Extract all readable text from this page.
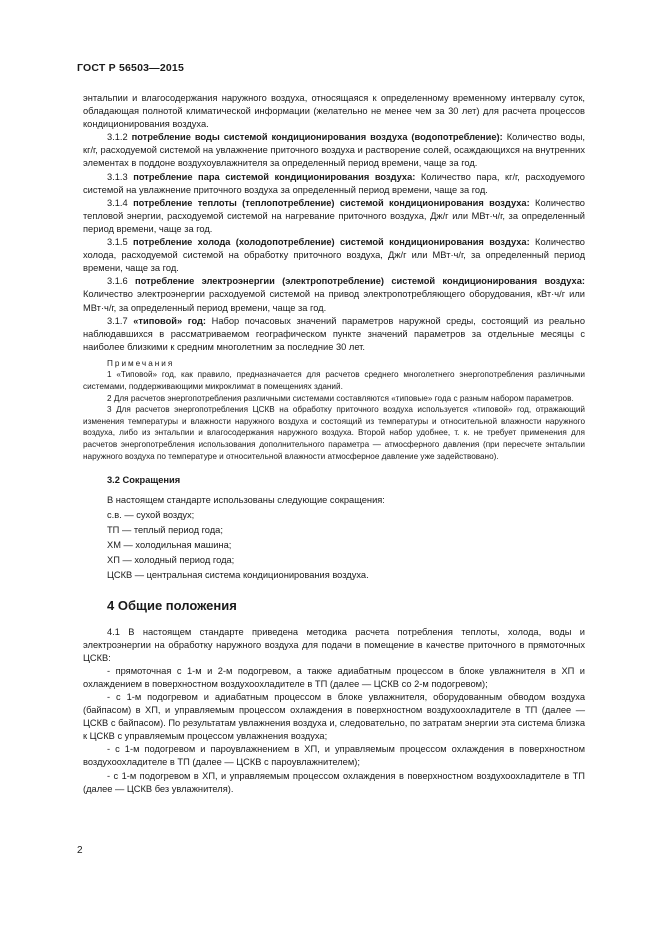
ГОСТ Р 56503—2015

энтальпии и влагосодержания наружного воздуха, относящаяся к определенному временному интервалу суток, обладающая полнотой климатической информации (желательно не менее чем за 30 лет) для расчета процессов кондиционирования воздуха.

3.1.2 потребление воды системой кондиционирования воздуха (водопотребление): Количество воды, кг/г, расходуемой системой на увлажнение приточного воздуха и растворение солей, осаждающихся на внутренних элементах в поддоне воздухоувлажнителя за определенный период времени, чаще за год.

3.1.3 потребление пара системой кондиционирования воздуха: Количество пара, кг/г, расходуемого системой на увлажнение приточного воздуха за определенный период времени, чаще за год.

3.1.4 потребление теплоты (теплопотребление) системой кондиционирования воздуха: Количество тепловой энергии, расходуемой системой на нагревание приточного воздуха, Дж/г или МВт·ч/г, за определенный период времени, чаще за год.

3.1.5 потребление холода (холодопотребление) системой кондиционирования воздуха: Количество холода, расходуемой системой на обработку приточного воздуха, Дж/г или МВт·ч/г, за определенный период времени, чаще за год.

3.1.6 потребление электроэнергии (электропотребление) системой кондиционирования воздуха: Количество электроэнергии расходуемой системой на привод электропотребляющего оборудования, кВт·ч/г или МВт·ч/г, за определенный период времени, чаще за год.

3.1.7 «типовой» год: Набор почасовых значений параметров наружной среды, состоящий из реально наблюдавшихся в рассматриваемом географическом пункте значений параметров за отдельные месяцы с наиболее близкими к средним многолетним за последние 30 лет.

Примечания

1 «Типовой» год, как правило, предназначается для расчетов среднего многолетнего энергопотребления различными системами, поддерживающими микроклимат в помещениях зданий.

2 Для расчетов энергопотребления различными системами составляются «типовые» года с разным набором параметров.

3 Для расчетов энергопотребления ЦСКВ на обработку приточного воздуха используется «типовой» год, отражающий изменения температуры и влажности наружного воздуха и состоящий из температуры и относительной влажности наружного воздуха, либо из энтальпии и влагосодержания наружного воздуха. Второй набор удобнее, т. к. не требует применения для расчетов энергопотребления использования дополнительного параметра — атмосферного давления (при пересчете энтальпии наружного воздуха по температуре и относительной влажности атмосферное давление уже задействовано).

3.2 Сокращения

В настоящем стандарте использованы следующие сокращения:

с.в. — сухой воздух;

ТП — теплый период года;

ХМ — холодильная машина;

ХП — холодный период года;

ЦСКВ — центральная система кондиционирования воздуха.

4 Общие положения

4.1 В настоящем стандарте приведена методика расчета потребления теплоты, холода, воды и электроэнергии на обработку наружного воздуха для подачи в помещение в качестве приточного в прямоточных ЦСКВ:

- прямоточная с 1-м и 2-м подогревом, а также адиабатным процессом в блоке увлажнителя в ХП и охлаждением в поверхностном воздухоохладителе в ТП (далее — ЦСКВ со 2-м подогревом);

- с 1-м подогревом и адиабатным процессом в блоке увлажнителя, оборудованным обводом воздуха (байпасом) в ХП, и управляемым процессом охлаждения в поверхностном воздухоохладителе в ТП (далее — ЦСКВ с байпасом). По результатам увлажнения воздуха и, следовательно, по затратам энергии эта система близка к ЦСКВ с управляемым процессом увлажнения воздуха;

- с 1-м подогревом и пароувлажнением в ХП, и управляемым процессом охлаждения в поверхностном воздухоохладителе в ТП (далее — ЦСКВ с пароувлажнителем);

- с 1-м подогревом в ХП, и управляемым процессом охлаждения в поверхностном воздухоохладителе в ТП (далее — ЦСКВ без увлажнителя).

2
